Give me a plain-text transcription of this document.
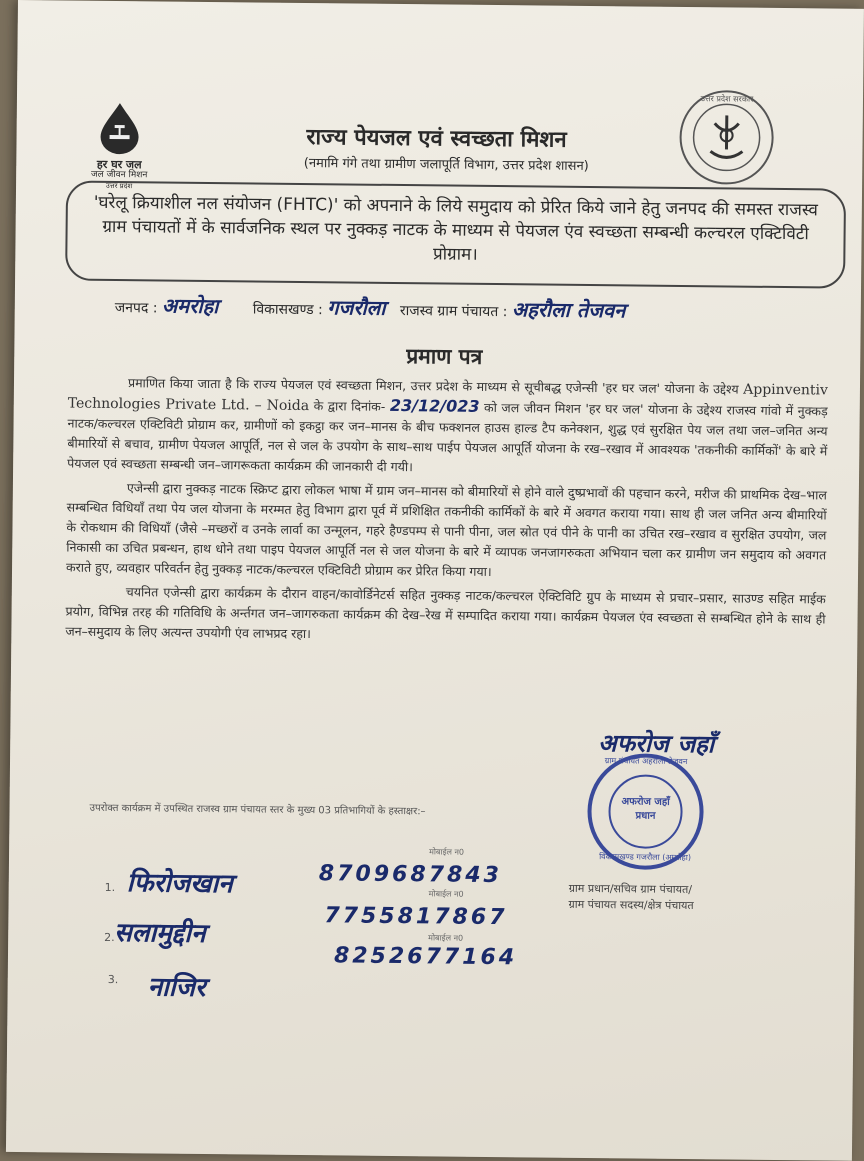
हर घर जल
जल जीवन मिशन
उत्तर प्रदेश
उत्तर प्रदेश सरकार
राज्य पेयजल एवं स्वच्छता मिशन
(नमामि गंगे तथा ग्रामीण जलापूर्ति विभाग, उत्तर प्रदेश शासन)
'घरेलू क्रियाशील नल संयोजन (FHTC)' को अपनाने के लिये समुदाय को प्रेरित किये जाने हेतु जनपद की समस्त राजस्व ग्राम पंचायतों में के सार्वजनिक स्थल पर नुक्कड़ नाटक के माध्यम से पेयजल एंव स्वच्छता सम्बन्धी कल्चरल एक्टिविटी प्रोग्राम।
जनपद : अमरोहा विकासखण्ड : गजरौला राजस्व ग्राम पंचायत : अहरौला तेजवन
प्रमाण पत्र

प्रमाणित किया जाता है कि राज्य पेयजल एवं स्वच्छता मिशन, उत्तर प्रदेश के माध्यम से सूचीबद्ध एजेन्सी 'हर घर जल' योजना के उद्देश्य Appinventiv Technologies Private Ltd. – Noida के द्वारा दिनांक- 23/12/023 को जल जीवन मिशन 'हर घर जल' योजना के उद्देश्य राजस्व गांवो में नुक्कड़ नाटक/कल्चरल एक्टिविटी प्रोग्राम कर, ग्रामीणों को इकट्ठा कर जन–मानस के बीच फक्शनल हाउस हाल्ड टैप कनेक्शन, शुद्ध एवं सुरक्षित पेय जल तथा जल–जनित अन्य बीमारियों से बचाव, ग्रामीण पेयजल आपूर्ति, नल से जल के उपयोग के साथ–साथ पाईप पेयजल आपूर्ति योजना के रख–रखाव में आवश्यक 'तकनीकी कार्मिकों' के बारे में पेयजल एवं स्वच्छता सम्बन्धी जन–जागरूकता कार्यक्रम की जानकारी दी गयी।

एजेन्सी द्वारा नुक्कड़ नाटक स्क्रिप्ट द्वारा लोकल भाषा में ग्राम जन–मानस को बीमारियों से होने वाले दुष्प्रभावों की पहचान करने, मरीज की प्राथमिक देख–भाल सम्बन्धित विधियाँ तथा पेय जल योजना के मरम्मत हेतु विभाग द्वारा पूर्व में प्रशिक्षित तकनीकी कार्मिकों के बारे में अवगत कराया गया। साथ ही जल जनित अन्य बीमारियों के रोकथाम की विधियाँ (जैसे –मच्छरों व उनके लार्वा का उन्मूलन, गहरे हैण्डपम्प से पानी पीना, जल स्रोत एवं पीने के पानी का उचित रख–रखाव व सुरक्षित उपयोग, जल निकासी का उचित प्रबन्धन, हाथ धोने तथा पाइप पेयजल आपूर्ति नल से जल योजना के बारे में व्यापक जनजागरुकता अभियान चला कर ग्रामीण जन समुदाय को अवगत कराते हुए, व्यवहार परिवर्तन हेतु नुक्कड़ नाटक/कल्चरल एक्टिविटी प्रोग्राम कर प्रेरित किया गया।

चयनित एजेन्सी द्वारा कार्यक्रम के दौरान वाहन/कावोर्डिनेटर्स सहित नुक्कड़ नाटक/कल्चरल ऐक्टिविटि ग्रुप के माध्यम से प्रचार–प्रसार, साउण्ड सहित माईक प्रयोग, विभिन्न तरह की गतिविधि के अर्न्तगत जन–जागरुकता कार्यक्रम की देख–रेख में सम्पादित कराया गया। कार्यक्रम पेयजल एंव स्वच्छता से सम्बन्धित होने के साथ ही जन–समुदाय के लिए अत्यन्त उपयोगी एंव लाभप्रद रहा।

अफरोज जहाँ
अफरोज जहाँ
प्रधान
ग्राम पंचायत अहरौला तेजवन
विकासखण्ड गजरौला (अमरोहा)
ग्राम प्रधान/सचिव ग्राम पंचायत/
ग्राम पंचायत सदस्य/क्षेत्र पंचायत
उपरोक्त कार्यक्रम में उपस्थित राजस्व ग्राम पंचायत स्तर के मुख्य 03 प्रतिभागियों के हस्ताक्षर:–
मोबाईल न0
1. फिरोजखान	8709687843
मोबाईल न0
2. सलामुद्दीन
7755817867
मोबाईल न0
3. नाजिर
8252677164
